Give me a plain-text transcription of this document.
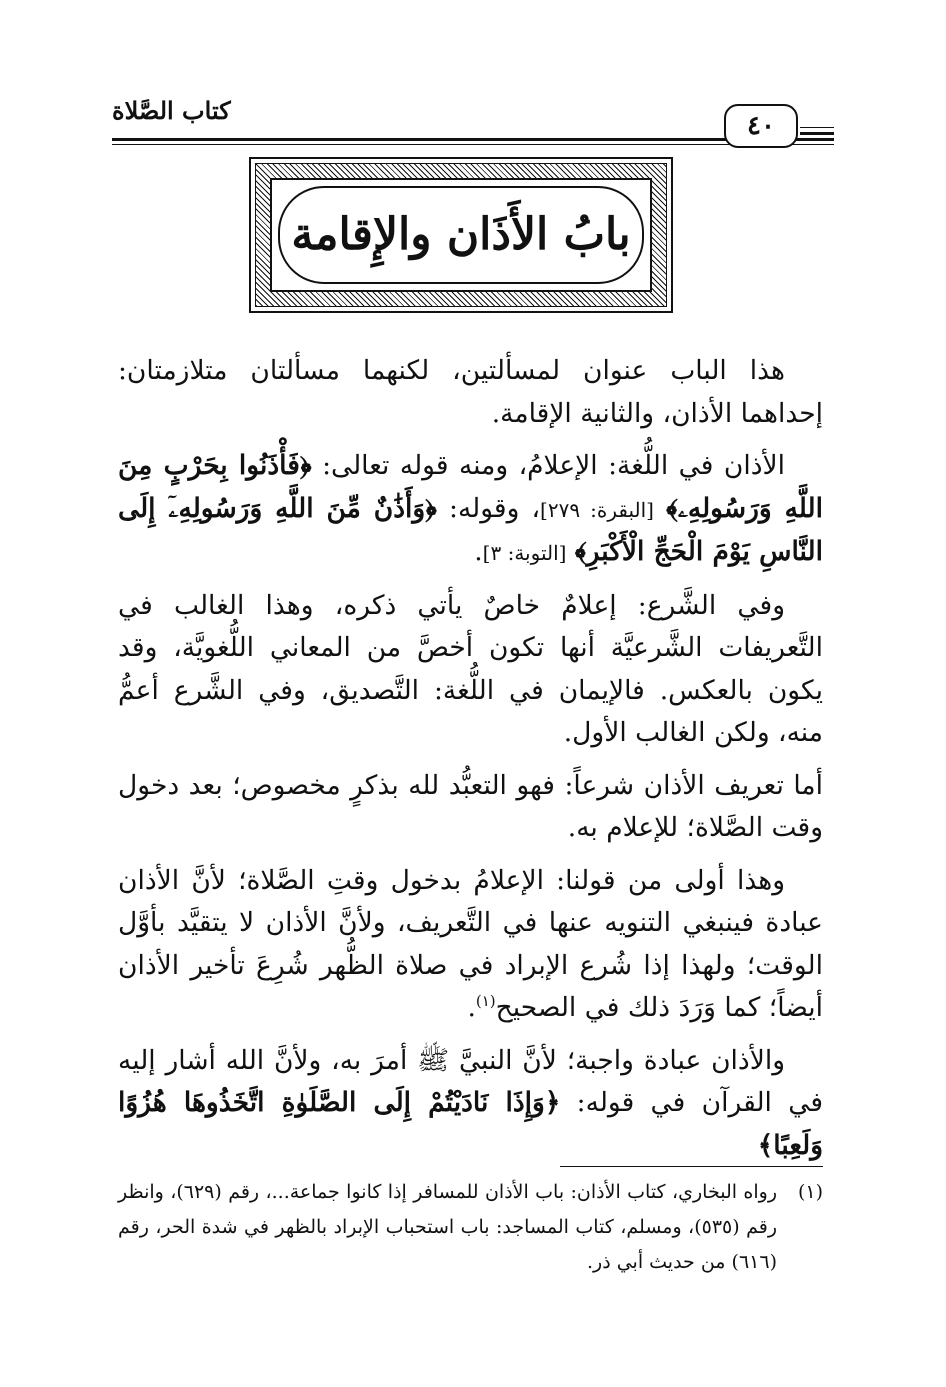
٤٠
كتاب الصَّلاة
بابُ الأَذَان والإِقامة

هذا الباب عنوان لمسألتين، لكنهما مسألتان متلازمتان: إحداهما الأذان، والثانية الإقامة.

الأذان في اللُّغة: الإعلامُ، ومنه قوله تعالى: ﴿فَأْذَنُوا بِحَرْبٍ مِنَ اللَّهِ وَرَسُولِهِۦ﴾ [البقرة: ٢٧٩]، وقوله: ﴿وَأَذَٰنٌ مِّنَ اللَّهِ وَرَسُولِهِۦٓ إِلَى النَّاسِ يَوْمَ الْحَجِّ الْأَكْبَرِ﴾ [التوبة: ٣].

وفي الشَّرع: إعلامٌ خاصٌ يأتي ذكره، وهذا الغالب في التَّعريفات الشَّرعيَّة أنها تكون أخصَّ من المعاني اللُّغويَّة، وقد يكون بالعكس. فالإيمان في اللُّغة: التَّصديق، وفي الشَّرع أعمُّ منه، ولكن الغالب الأول.

أما تعريف الأذان شرعاً: فهو التعبُّد لله بذكرٍ مخصوص؛ بعد دخول وقت الصَّلاة؛ للإعلام به.

وهذا أولى من قولنا: الإعلامُ بدخول وقتِ الصَّلاة؛ لأنَّ الأذان عبادة فينبغي التنويه عنها في التَّعريف، ولأنَّ الأذان لا يتقيَّد بأوَّل الوقت؛ ولهذا إذا شُرع الإبراد في صلاة الظُّهر شُرِعَ تأخير الأذان أيضاً؛ كما وَرَدَ ذلك في الصحيح$^{(١)}$.

والأذان عبادة واجبة؛ لأنَّ النبيَّ ﷺ أمرَ به، ولأنَّ الله أشار إليه في القرآن في قوله: ﴿وَإِذَا نَادَيْتُمْ إِلَى الصَّلَوٰةِ اتَّخَذُوهَا هُزُوًا وَلَعِبًا﴾

(١)
رواه البخاري، كتاب الأذان: باب الأذان للمسافر إذا كانوا جماعة...، رقم (٦٢٩)، وانظر رقم (٥٣٥)، ومسلم، كتاب المساجد: باب استحباب الإبراد بالظهر في شدة الحر، رقم (٦١٦) من حديث أبي ذر.
